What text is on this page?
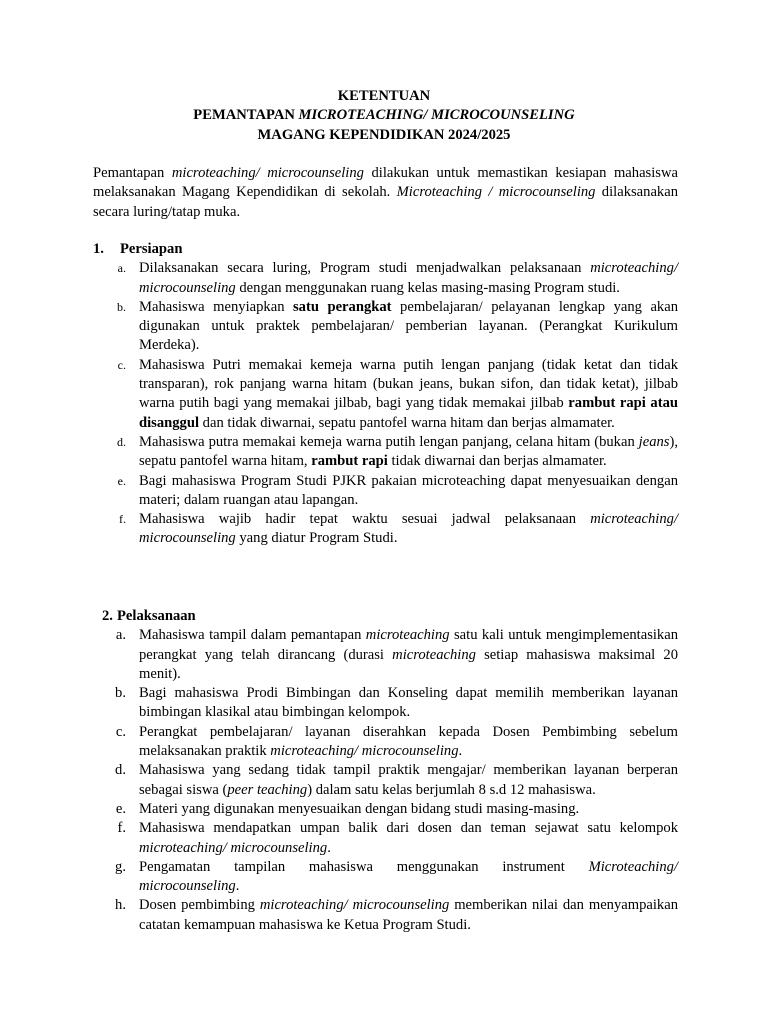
KETENTUAN
PEMANTAPAN MICROTEACHING/ MICROCOUNSELING
MAGANG KEPENDIDIKAN 2024/2025

Pemantapan microteaching/ microcounseling dilakukan untuk memastikan kesiapan mahasiswa melaksanakan Magang Kependidikan di sekolah. Microteaching / microcounseling dilaksanakan secara luring/tatap muka.

1. Persiapan
a. Dilaksanakan secara luring, Program studi menjadwalkan pelaksanaan microteaching/ microcounseling dengan menggunakan ruang kelas masing-masing Program studi.

b. Mahasiswa menyiapkan satu perangkat pembelajaran/ pelayanan lengkap yang akan digunakan untuk praktek pembelajaran/ pemberian layanan. (Perangkat Kurikulum Merdeka).

c. Mahasiswa Putri memakai kemeja warna putih lengan panjang (tidak ketat dan tidak transparan), rok panjang warna hitam (bukan jeans, bukan sifon, dan tidak ketat), jilbab warna putih bagi yang memakai jilbab, bagi yang tidak memakai jilbab rambut rapi atau disanggul dan tidak diwarnai, sepatu pantofel warna hitam dan berjas almamater.

d. Mahasiswa putra memakai kemeja warna putih lengan panjang, celana hitam (bukan jeans), sepatu pantofel warna hitam, rambut rapi tidak diwarnai dan berjas almamater.

e. Bagi mahasiswa Program Studi PJKR pakaian microteaching dapat menyesuaikan dengan materi; dalam ruangan atau lapangan.

f. Mahasiswa wajib hadir tepat waktu sesuai jadwal pelaksanaan microteaching/ microcounseling yang diatur Program Studi.

2. Pelaksanaan
a. Mahasiswa tampil dalam pemantapan microteaching satu kali untuk mengimplementasikan perangkat yang telah dirancang (durasi microteaching setiap mahasiswa maksimal 20 menit).

b. Bagi mahasiswa Prodi Bimbingan dan Konseling dapat memilih memberikan layanan bimbingan klasikal atau bimbingan kelompok.

c. Perangkat pembelajaran/ layanan diserahkan kepada Dosen Pembimbing sebelum melaksanakan praktik microteaching/ microcounseling.

d. Mahasiswa yang sedang tidak tampil praktik mengajar/ memberikan layanan berperan sebagai siswa (peer teaching) dalam satu kelas berjumlah 8 s.d 12 mahasiswa.

e. Materi yang digunakan menyesuaikan dengan bidang studi masing-masing.

f. Mahasiswa mendapatkan umpan balik dari dosen dan teman sejawat satu kelompok microteaching/ microcounseling.

g. Pengamatan tampilan mahasiswa menggunakan instrument Microteaching/ microcounseling.

h. Dosen pembimbing microteaching/ microcounseling memberikan nilai dan menyampaikan catatan kemampuan mahasiswa ke Ketua Program Studi.
